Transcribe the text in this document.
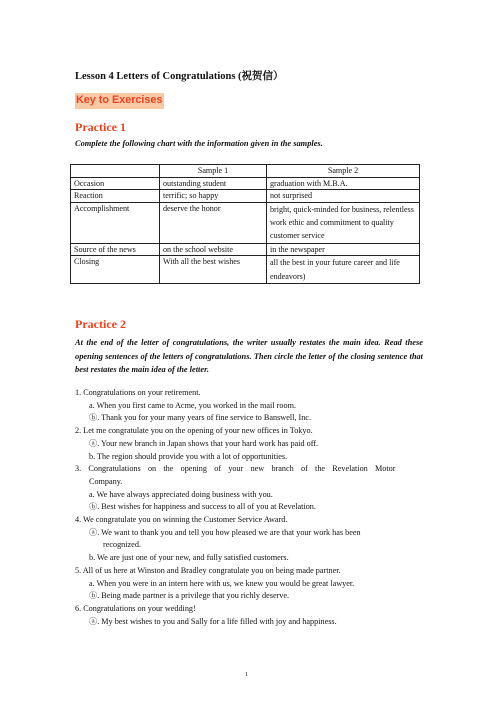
Lesson 4 Letters of Congratulations (祝贺信）
Key to Exercises
Practice 1
Complete the following chart with the information given in the samples.
	Sample 1	Sample 2
Occasion	outstanding student	graduation with M.B.A.
Reaction	terrific; so happy	not surprised
Accomplishment	deserve the honor	bright, quick-minded for business, relentless work ethic and commitment to quality customer service
Source of the news	on the school website	in the newspaper
Closing	With all the best wishes	all the best in your future career and life endeavors)
Practice 2
At the end of the letter of congratulations, the writer usually restates the main idea. Read these opening sentences of the letters of congratulations. Then circle the letter of the closing sentence that best restates the main idea of the letter.
1. Congratulations on your retirement.
a. When you first came to Acme, you worked in the mail room.
ⓑ. Thank you for your many years of fine service to Banswell, Inc.
2. Let me congratulate you on the opening of your new offices in Tokyo.
ⓐ. Your new branch in Japan shows that your hard work has paid off.
b. The region should provide you with a lot of opportunities.
3. Congratulations on the opening of your new branch of the Revelation Motor
Company.
a. We have always appreciated doing business with you.
ⓑ. Best wishes for happiness and success to all of you at Revelation.
4. We congratulate you on winning the Customer Service Award.
ⓐ. We want to thank you and tell you how pleased we are that your work has been
recognized.
b. We are just one of your new, and fully satisfied customers.
5. All of us here at Winston and Bradley congratulate you on being made partner.
a. When you were in an intern here with us, we knew you would be great lawyer.
ⓑ. Being made partner is a privilege that you richly deserve.
6. Congratulations on your wedding!
ⓐ. My best wishes to you and Sally for a life filled with joy and happiness.
1
